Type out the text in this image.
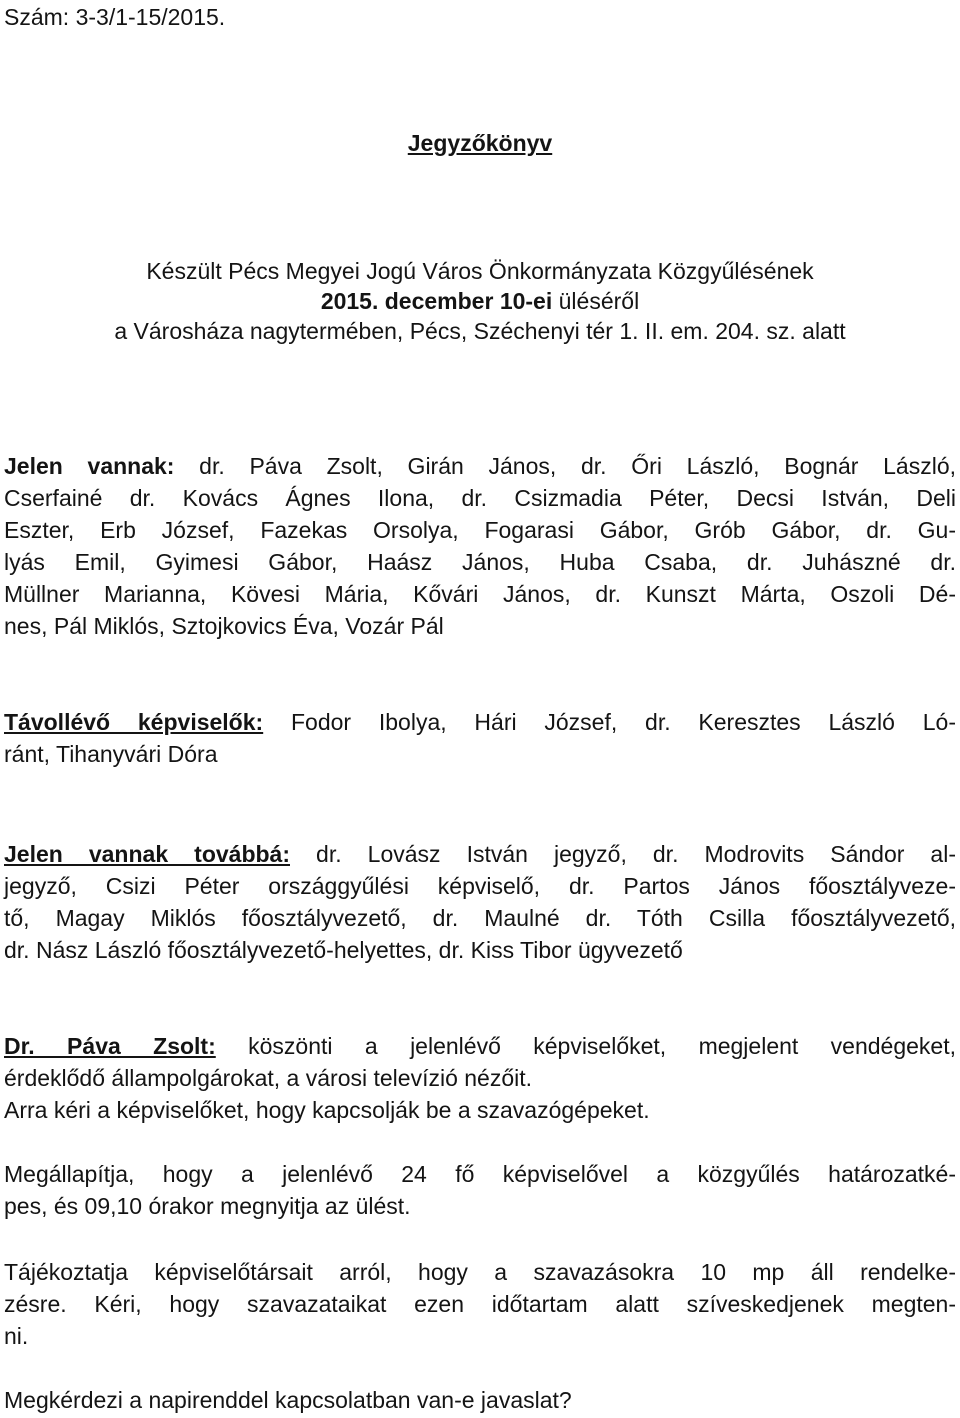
Szám: 3-3/1-15/2015.
Jegyzőkönyv
Készült Pécs Megyei Jogú Város Önkormányzata Közgyűlésének
2015. december 10-ei üléséről
a Városháza nagytermében, Pécs, Széchenyi tér 1. II. em. 204. sz. alatt
Jelen vannak: dr. Páva Zsolt, Girán János, dr. Őri László, Bognár László,
Cserfainé dr. Kovács Ágnes Ilona, dr. Csizmadia Péter, Decsi István, Deli
Eszter, Erb József, Fazekas Orsolya, Fogarasi Gábor, Grób Gábor, dr. Gu-
lyás Emil, Gyimesi Gábor, Haász János, Huba Csaba, dr. Juhászné dr.
Müllner Marianna, Kövesi Mária, Kővári János, dr. Kunszt Márta, Oszoli Dé-
nes, Pál Miklós, Sztojkovics Éva, Vozár Pál
Távollévő képviselők: Fodor Ibolya, Hári József, dr. Keresztes László Ló-
ránt, Tihanyvári Dóra
Jelen vannak továbbá: dr. Lovász István jegyző, dr. Modrovits Sándor al-
jegyző, Csizi Péter országgyűlési képviselő, dr. Partos János főosztályveze-
tő, Magay Miklós főosztályvezető, dr. Maulné dr. Tóth Csilla főosztályvezető,
dr. Nász László főosztályvezető-helyettes, dr. Kiss Tibor ügyvezető
Dr. Páva Zsolt: köszönti a jelenlévő képviselőket, megjelent vendégeket,
érdeklődő állampolgárokat, a városi televízió nézőit.
Arra kéri a képviselőket, hogy kapcsolják be a szavazógépeket.
Megállapítja, hogy a jelenlévő 24 fő képviselővel a közgyűlés határozatké-
pes, és 09,10 órakor megnyitja az ülést.
Tájékoztatja képviselőtársait arról, hogy a szavazásokra 10 mp áll rendelke-
zésre. Kéri, hogy szavazataikat ezen időtartam alatt szíveskedjenek megten-
ni.
Megkérdezi a napirenddel kapcsolatban van-e javaslat?
